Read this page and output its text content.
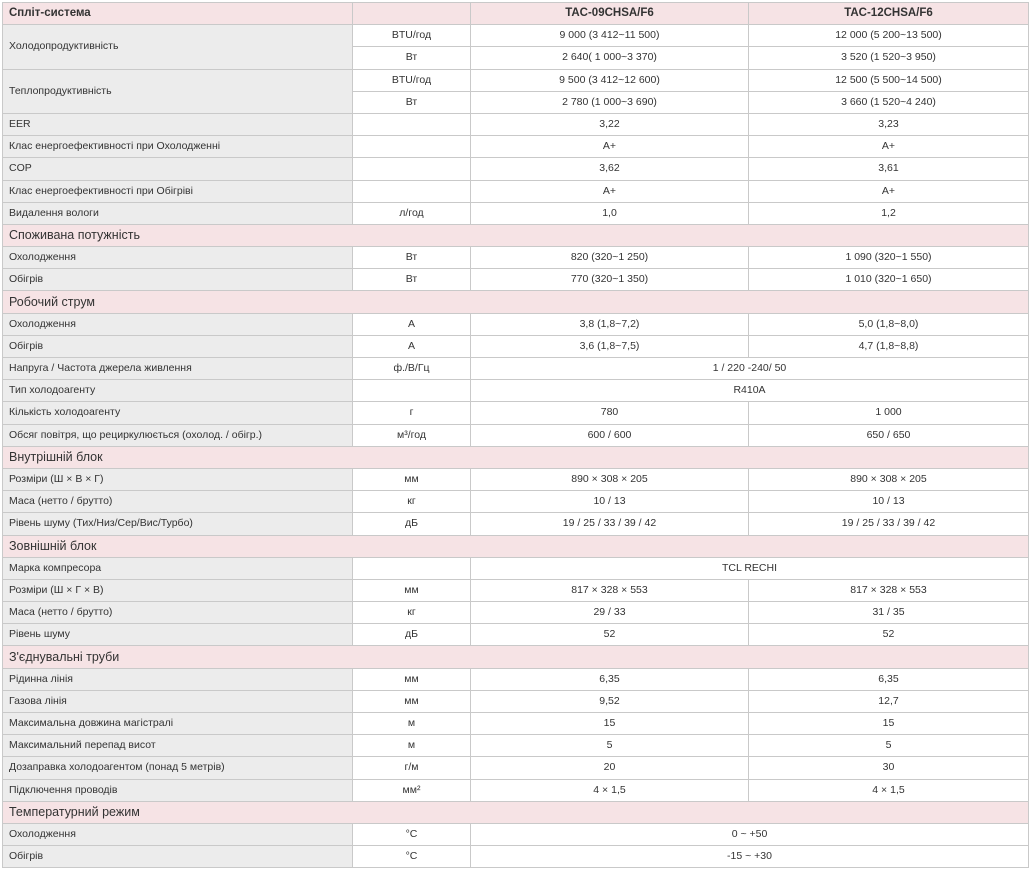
Спліт-система		TAC-09CHSA/F6	TAC-12CHSA/F6
Холодопродуктивність	BTU/год	9 000 (3 412~11 500)	12 000 (5 200~13 500)
	Вт	2 640( 1 000~3 370)	3 520 (1 520~3 950)
Теплопродуктивність	BTU/год	9 500 (3 412~12 600)	12 500 (5 500~14 500)
	Вт	2 780 (1 000~3 690)	3 660 (1 520~4 240)
EER		3,22	3,23
Клас енергоефективності при Охолодженні		A+	A+
COP		3,62	3,61
Клас енергоефективності при Обігріві		A+	A+
Видалення вологи	л/год	1,0	1,2
Споживана потужність			
Охолодження	Вт	820 (320~1 250)	1 090 (320~1 550)
Обігрів	Вт	770 (320~1 350)	1 010 (320~1 650)
Робочий струм			
Охолодження	А	3,8 (1,8~7,2)	5,0 (1,8~8,0)
Обігрів	А	3,6 (1,8~7,5)	4,7 (1,8~8,8)
Напруга / Частота джерела живлення	ф./В/Гц	1 / 220 -240/ 50	
Тип холодоагенту		R410A	
Кількість холодоагенту	г	780	1 000
Обсяг повітря, що рециркулюється (охолод. / обігр.)	м³/год	600 / 600	650 / 650
Внутрішній блок			
Розміри (Ш × В × Г)	мм	890 × 308 × 205	890 × 308 × 205
Маса (нетто / брутто)	кг	10 / 13	10 / 13
Рівень шуму (Тих/Низ/Сер/Вис/Турбо)	дБ	19 / 25 / 33 / 39 / 42	19 / 25 / 33 / 39 / 42
Зовнішній блок			
Марка компресора		TCL RECHI	
Розміри (Ш × Г × В)	мм	817 × 328 × 553	817 × 328 × 553
Маса (нетто / брутто)	кг	29 / 33	31 / 35
Рівень шуму	дБ	52	52
З'єднувальні труби			
Рідинна лінія	мм	6,35	6,35
Газова лінія	мм	9,52	12,7
Максимальна довжина магістралі	м	15	15
Максимальний перепад висот	м	5	5
Дозаправка холодоагентом (понад 5 метрів)	г/м	20	30
Підключення проводів	мм²	4 × 1,5	4 × 1,5
Температурний режим			
Охолодження	°С	0 ~ +50	
Обігрів	°С	-15 ~ +30	
